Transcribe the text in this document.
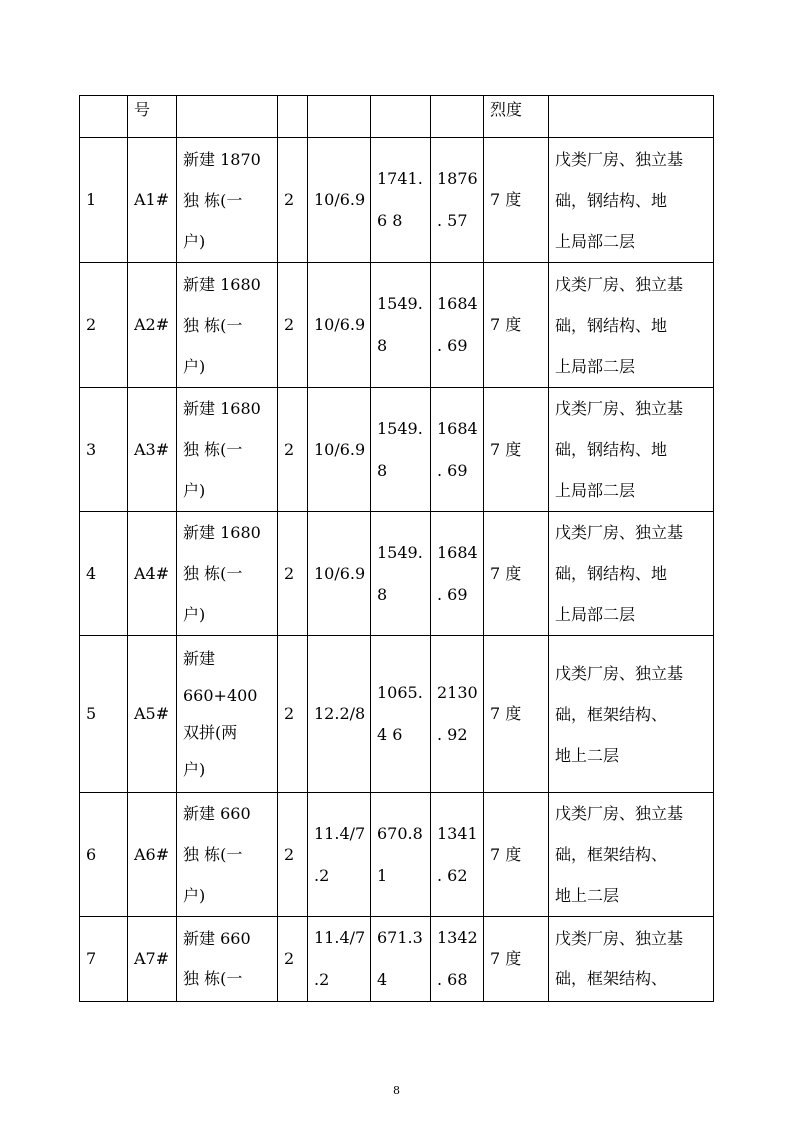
	号						烈度	

1	A1#	新建 1870
独 栋(一
户)	2	10/6.9	1741.
6 8	1876
. 57	7 度	戊类厂房、独立基
础，钢结构、地
上局部二层

2	A2#	新建 1680
独 栋(一
户)	2	10/6.9	1549.
8	1684
. 69	7 度	戊类厂房、独立基
础，钢结构、地
上局部二层

3	A3#	新建 1680
独 栋(一
户)	2	10/6.9	1549.
8	1684
. 69	7 度	戊类厂房、独立基
础，钢结构、地
上局部二层

4	A4#	新建 1680
独 栋(一
户)	2	10/6.9	1549.
8	1684
. 69	7 度	戊类厂房、独立基
础，钢结构、地
上局部二层

5	A5#	新建
660+400
双拼(两
户)	2	12.2/8	1065.
4 6	2130
. 92	7 度	戊类厂房、独立基
础，框架结构、
地上二层

6	A6#	新建 660
独 栋(一
户)	2	11.4/7
.2	670.8
1	1341
. 62	7 度	戊类厂房、独立基
础，框架结构、
地上二层

7	A7#	新建 660
独 栋(一	2	11.4/7
.2	671.3
4	1342
. 68	7 度	戊类厂房、独立基
础，框架结构、
8
